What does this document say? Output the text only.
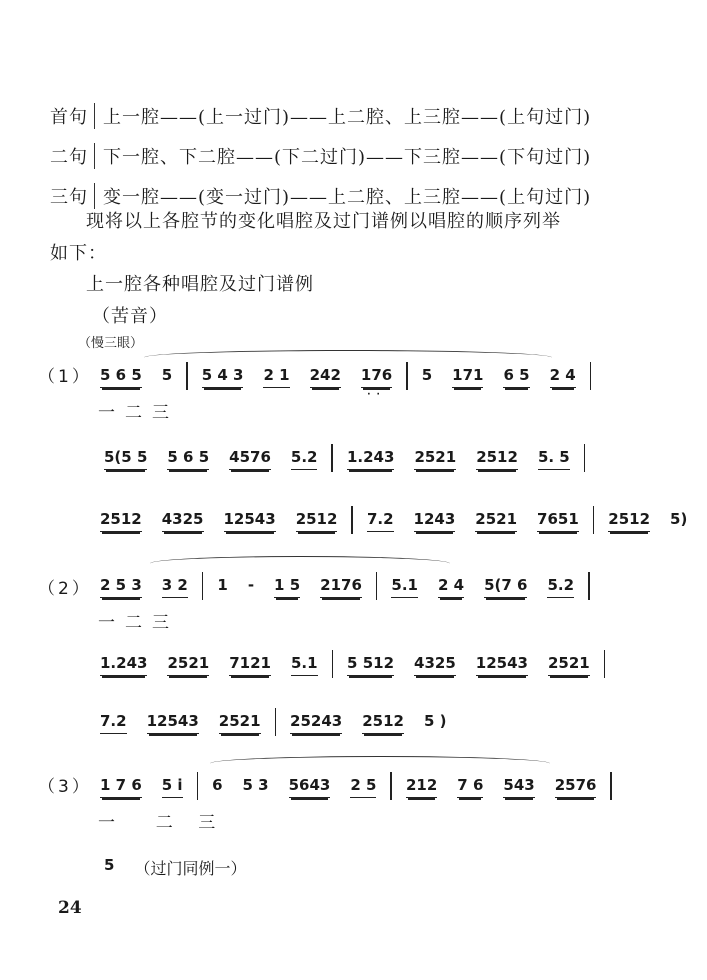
首句 上一腔——(上一过门)——上二腔、上三腔——(上句过门)
二句 下一腔、下二腔——(下二过门)——下三腔——(下句过门)
三句 变一腔——(变一过门)——上二腔、上三腔——(上句过门)
现将以上各腔节的变化唱腔及过门谱例以唱腔的顺序列举如下：
上一腔各种唱腔及过门谱例
（苦音）
（慢三眼）
（1） 5 6 5 5 5 4 3 2 1 242 176
··
5 171 6 5 2 4
一二三
5(5 5 5 6 5 4576 5.2 1.243 2521 2512 5. 5
2512 4325 12543 2512 7.2 1243 2521 7651 2512 5)
（2） 2 5 3 3 2 1 - 1 5 2176 5.1 2 4 5(7 6 5.2
一二三
1.243 2521 7121 5.1 5 512 4325 12543 2521
7.2 12543 2521 25243 2512 5 )
（3） 1 7 6 5 i 6 5 3 5643 2 5 212 7 6 543 2576
一  二 三
5 （过门同例一）
24
